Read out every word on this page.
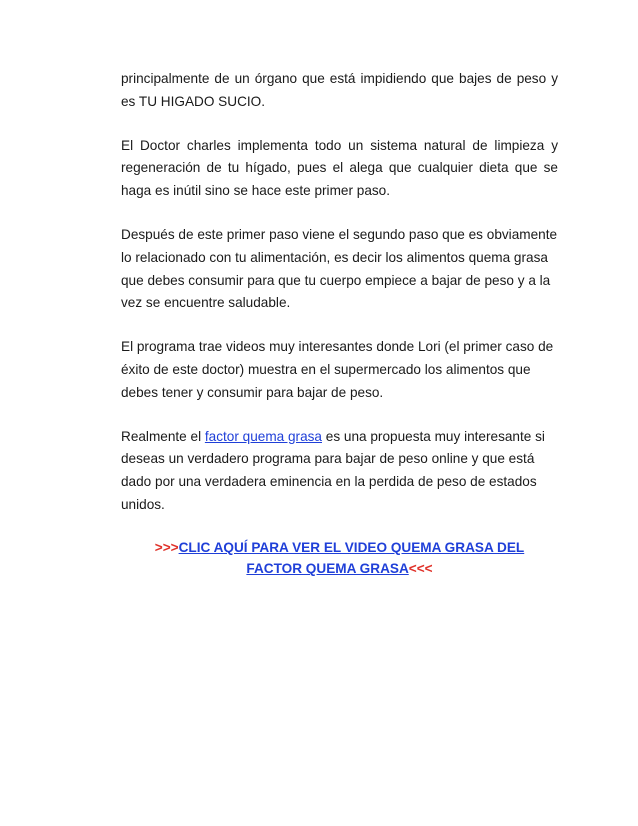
principalmente de un órgano que está impidiendo que bajes de peso y es TU HIGADO SUCIO.

El Doctor charles implementa todo un sistema natural de limpieza y regeneración de tu hígado, pues el alega que cualquier dieta que se haga es inútil sino se hace este primer paso.

Después de este primer paso viene el segundo paso que es obviamente lo relacionado con tu alimentación, es decir los alimentos quema grasa que debes consumir para que tu cuerpo empiece a bajar de peso y a la vez se encuentre saludable.

El programa trae videos muy interesantes donde Lori (el primer caso de éxito de este doctor) muestra en el supermercado los alimentos que debes tener y consumir para bajar de peso.

Realmente el factor quema grasa es una propuesta muy interesante si deseas un verdadero programa para bajar de peso online y que está dado por una verdadera eminencia en la perdida de peso de estados unidos.

>>>CLIC AQUÍ PARA VER EL VIDEO QUEMA GRASA DEL FACTOR QUEMA GRASA<<<
